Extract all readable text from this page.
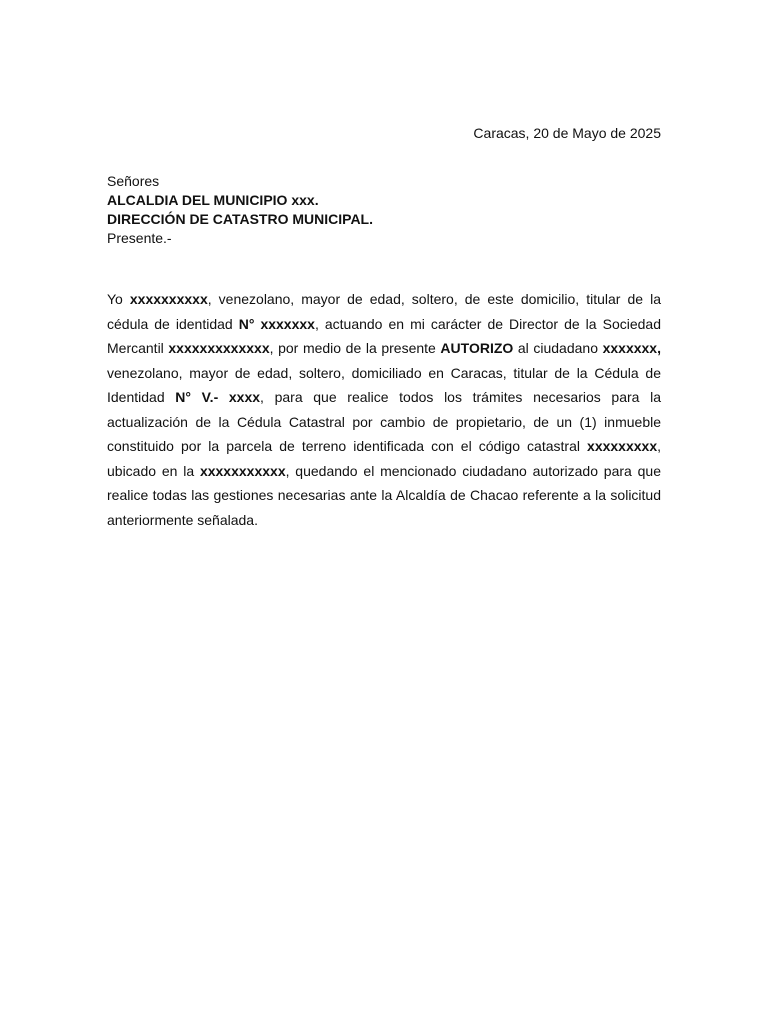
Caracas, 20 de Mayo de 2025
Señores
ALCALDIA DEL MUNICIPIO xxx.
DIRECCIÓN DE CATASTRO MUNICIPAL.
Presente.-

Yo xxxxxxxxxx, venezolano, mayor de edad, soltero, de este domicilio, titular de la cédula de identidad N° xxxxxxx, actuando en mi carácter de Director de la Sociedad Mercantil xxxxxxxxxxxxx, por medio de la presente AUTORIZO al ciudadano xxxxxxx, venezolano, mayor de edad, soltero, domiciliado en Caracas, titular de la Cédula de Identidad N° V.- xxxx, para que realice todos los trámites necesarios para la actualización de la Cédula Catastral por cambio de propietario, de un (1) inmueble constituido por la parcela de terreno identificada con el código catastral xxxxxxxxx, ubicado en la xxxxxxxxxxx, quedando el mencionado ciudadano autorizado para que realice todas las gestiones necesarias ante la Alcaldía de Chacao referente a la solicitud anteriormente señalada.
